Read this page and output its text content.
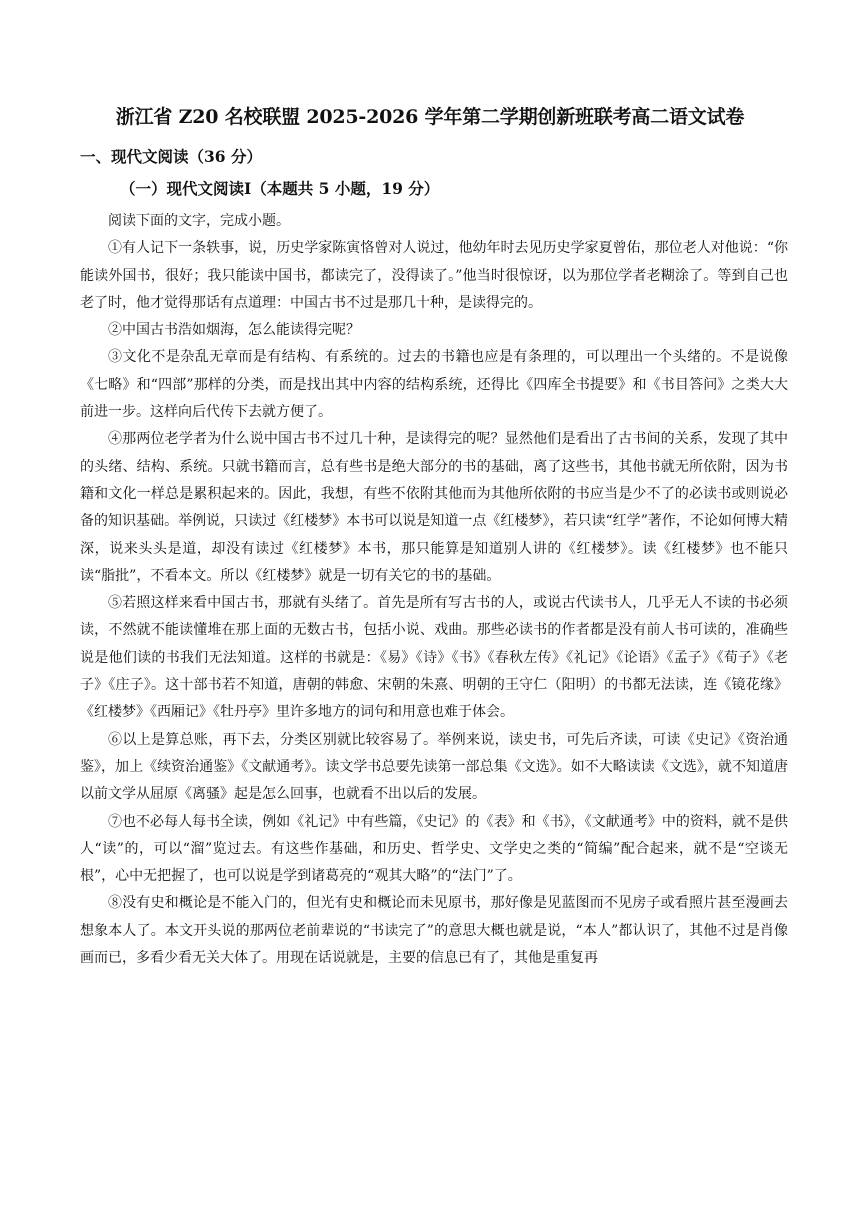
浙江省 Z20 名校联盟 2025-2026 学年第二学期创新班联考高二语文试卷
一、现代文阅读（36 分）
（一）现代文阅读Ⅰ（本题共 5 小题，19 分）

阅读下面的文字，完成小题。

①有人记下一条轶事，说，历史学家陈寅恪曾对人说过，他幼年时去见历史学家夏曾佑，那位老人对他说：“你能读外国书，很好；我只能读中国书，都读完了，没得读了。”他当时很惊讶，以为那位学者老糊涂了。等到自己也老了时，他才觉得那话有点道理：中国古书不过是那几十种，是读得完的。

②中国古书浩如烟海，怎么能读得完呢？

③文化不是杂乱无章而是有结构、有系统的。过去的书籍也应是有条理的，可以理出一个头绪的。不是说像《七略》和“四部”那样的分类，而是找出其中内容的结构系统，还得比《四库全书提要》和《书目答问》之类大大前进一步。这样向后代传下去就方便了。

④那两位老学者为什么说中国古书不过几十种，是读得完的呢？显然他们是看出了古书间的关系，发现了其中的头绪、结构、系统。只就书籍而言，总有些书是绝大部分的书的基础，离了这些书，其他书就无所依附，因为书籍和文化一样总是累积起来的。因此，我想，有些不依附其他而为其他所依附的书应当是少不了的必读书或则说必备的知识基础。举例说，只读过《红楼梦》本书可以说是知道一点《红楼梦》，若只读“红学”著作，不论如何博大精深，说来头头是道，却没有读过《红楼梦》本书，那只能算是知道别人讲的《红楼梦》。读《红楼梦》也不能只读“脂批”，不看本文。所以《红楼梦》就是一切有关它的书的基础。

⑤若照这样来看中国古书，那就有头绪了。首先是所有写古书的人，或说古代读书人，几乎无人不读的书必须读，不然就不能读懂堆在那上面的无数古书，包括小说、戏曲。那些必读书的作者都是没有前人书可读的，准确些说是他们读的书我们无法知道。这样的书就是：《易》《诗》《书》《春秋左传》《礼记》《论语》《孟子》《荀子》《老子》《庄子》。这十部书若不知道，唐朝的韩愈、宋朝的朱熹、明朝的王守仁（阳明）的书都无法读，连《镜花缘》《红楼梦》《西厢记》《牡丹亭》里许多地方的词句和用意也难于体会。

⑥以上是算总账，再下去，分类区别就比较容易了。举例来说，读史书，可先后齐读，可读《史记》《资治通鉴》，加上《续资治通鉴》《文献通考》。读文学书总要先读第一部总集《文选》。如不大略读读《文选》，就不知道唐以前文学从屈原《离骚》起是怎么回事，也就看不出以后的发展。

⑦也不必每人每书全读，例如《礼记》中有些篇，《史记》的《表》和《书》，《文献通考》中的资料，就不是供人“读”的，可以“溜”览过去。有这些作基础，和历史、哲学史、文学史之类的“简编”配合起来，就不是“空谈无根”，心中无把握了，也可以说是学到诸葛亮的“观其大略”的“法门”了。

⑧没有史和概论是不能入门的，但光有史和概论而未见原书，那好像是见蓝图而不见房子或看照片甚至漫画去想象本人了。本文开头说的那两位老前辈说的“书读完了”的意思大概也就是说，“本人”都认识了，其他不过是肖像画而已，多看少看无关大体了。用现在话说就是，主要的信息已有了，其他是重复再
